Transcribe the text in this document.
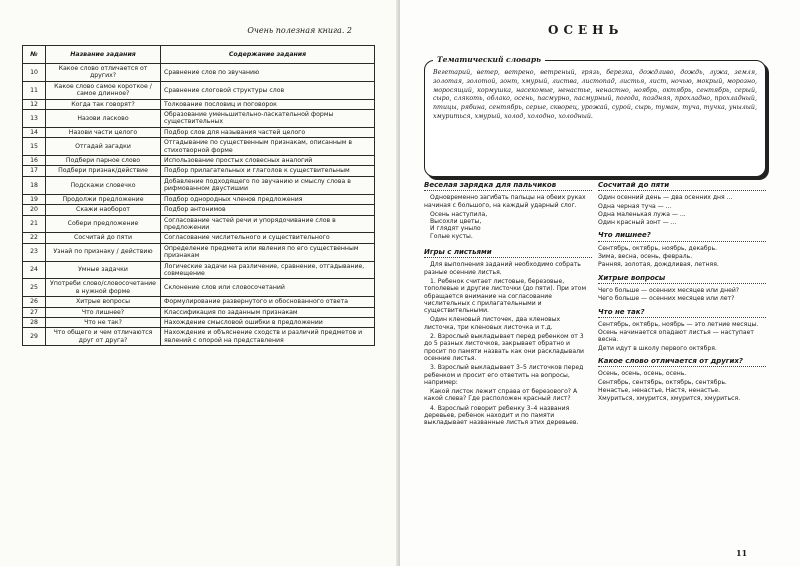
Очень полезная книга. 2
№	Название задания	Содержание задания
10	Какое слово отличается от других?	Сравнение слов по звучанию
11	Какое слово самое короткое / самое длинное?	Сравнение слоговой структуры слов
12	Когда так говорят?	Толкование пословиц и поговорок
13	Назови ласково	Образование уменьшительно-ласкательной формы существительных
14	Назови части целого	Подбор слов для называния частей целого
15	Отгадай загадки	Отгадывание по существенным признакам, описанным в стихотворной форме
16	Подбери парное слово	Использование простых словесных аналогий
17	Подбери признак/действие	Подбор прилагательных и глаголов к существительным
18	Подскажи словечко	Добавление подходящего по звучанию и смыслу слова в рифмованном двустишии
19	Продолжи предложение	Подбор однородных членов предложения
20	Скажи наоборот	Подбор антонимов
21	Собери предложение	Согласование частей речи и упорядочивание слов в предложении
22	Сосчитай до пяти	Согласование числительного и существительного
23	Узнай по признаку / действию	Определение предмета или явления по его существенным признакам
24	Умные задачки	Логические задачи на различение, сравнение, отгадывание, совмещение
25	Употреби слово/словосочетание в нужной форме	Склонение слов или словосочетаний
26	Хитрые вопросы	Формулирование развернутого и обоснованного ответа
27	Что лишнее?	Классификация по заданным признакам
28	Что не так?	Нахождение смысловой ошибки в предложении
29	Что общего и чем отличаются друг от друга?	Нахождение и объяснение сходств и различий предметов и явлений с опорой на представления
ОСЕНЬ
Тематический словарь
Вегетарий, ветер, ветрено, ветреный, грязь, березка, дождливо, дождь, лужа, земля, золотая, золотой, зонт, хмурый, листва, листопад, листья, лист, ночью, мокрый, морозно, моросящий, кормушка, насекомые, ненастье, ненастно, ноябрь, октябрь, сентябрь, серый, сыро, слякоть, облако, осень, пасмурно, пасмурный, погода, поздняя, прохладно, прохладный, птицы, рябина, сентябрь, серые, скворец, урожай, сурой, сырь, туман, туча, тучка, унылый, хмуриться, хмурый, холод, холодно, холодный.
Веселая зарядка для пальчиков
Одновременно загибать пальцы на обеих руках начиная с большого, на каждый ударный слог.
Осень наступила,
Высохли цветы,
И глядят уныло
Голые кусты.
Игры с листьями
Для выполнения заданий необходимо собрать разные осенние листья.
1. Ребенок считает листовые, березовые, тополевые и другие листочки (до пяти). При этом обращается внимание на согласование числительных с прилагательными и существительными.
Один кленовый листочек, два кленовых листочка, три кленовых листочка и т.д.
2. Взрослый выкладывает перед ребенком от 3 до 5 разных листочков, закрывает обратно и просит по памяти назвать как они раскладывали осенние листья.
3. Взрослый выкладывает 3–5 листочков перед ребенком и просит его ответить на вопросы, например:
Какой листок лежит справа от березового? А какой слева? Где расположен красный лист?
4. Взрослый говорит ребенку 3–4 названия деревьев, ребенок находит и по памяти выкладывает названные листья этих деревьев.
Сосчитай до пяти
Один осенний день — два осенних дня ...
Одна черная туча — ...
Одна маленькая лужа — ...
Один красный зонт — ...
Что лишнее?
Сентябрь, октябрь, ноябрь, декабрь.
Зима, весна, осень, февраль.
Ранняя, золотая, дождливая, летняя.
Хитрые вопросы
Чего больше — осенних месяцев или дней?
Чего больше — осенних месяцев или лет?
Что не так?
Сентябрь, октябрь, ноябрь — это летние месяцы.
Осень начинается опадают листья — наступает весна.
Дети идут в школу первого октября.
Какое слово отличается от других?
Осень, осень, осень, осень.
Сентябрь, сентябрь, октябрь, сентябрь.
Ненастье, ненастье, Настя, ненастье.
Хмуриться, хмурится, хмурится, хмуриться.
11
